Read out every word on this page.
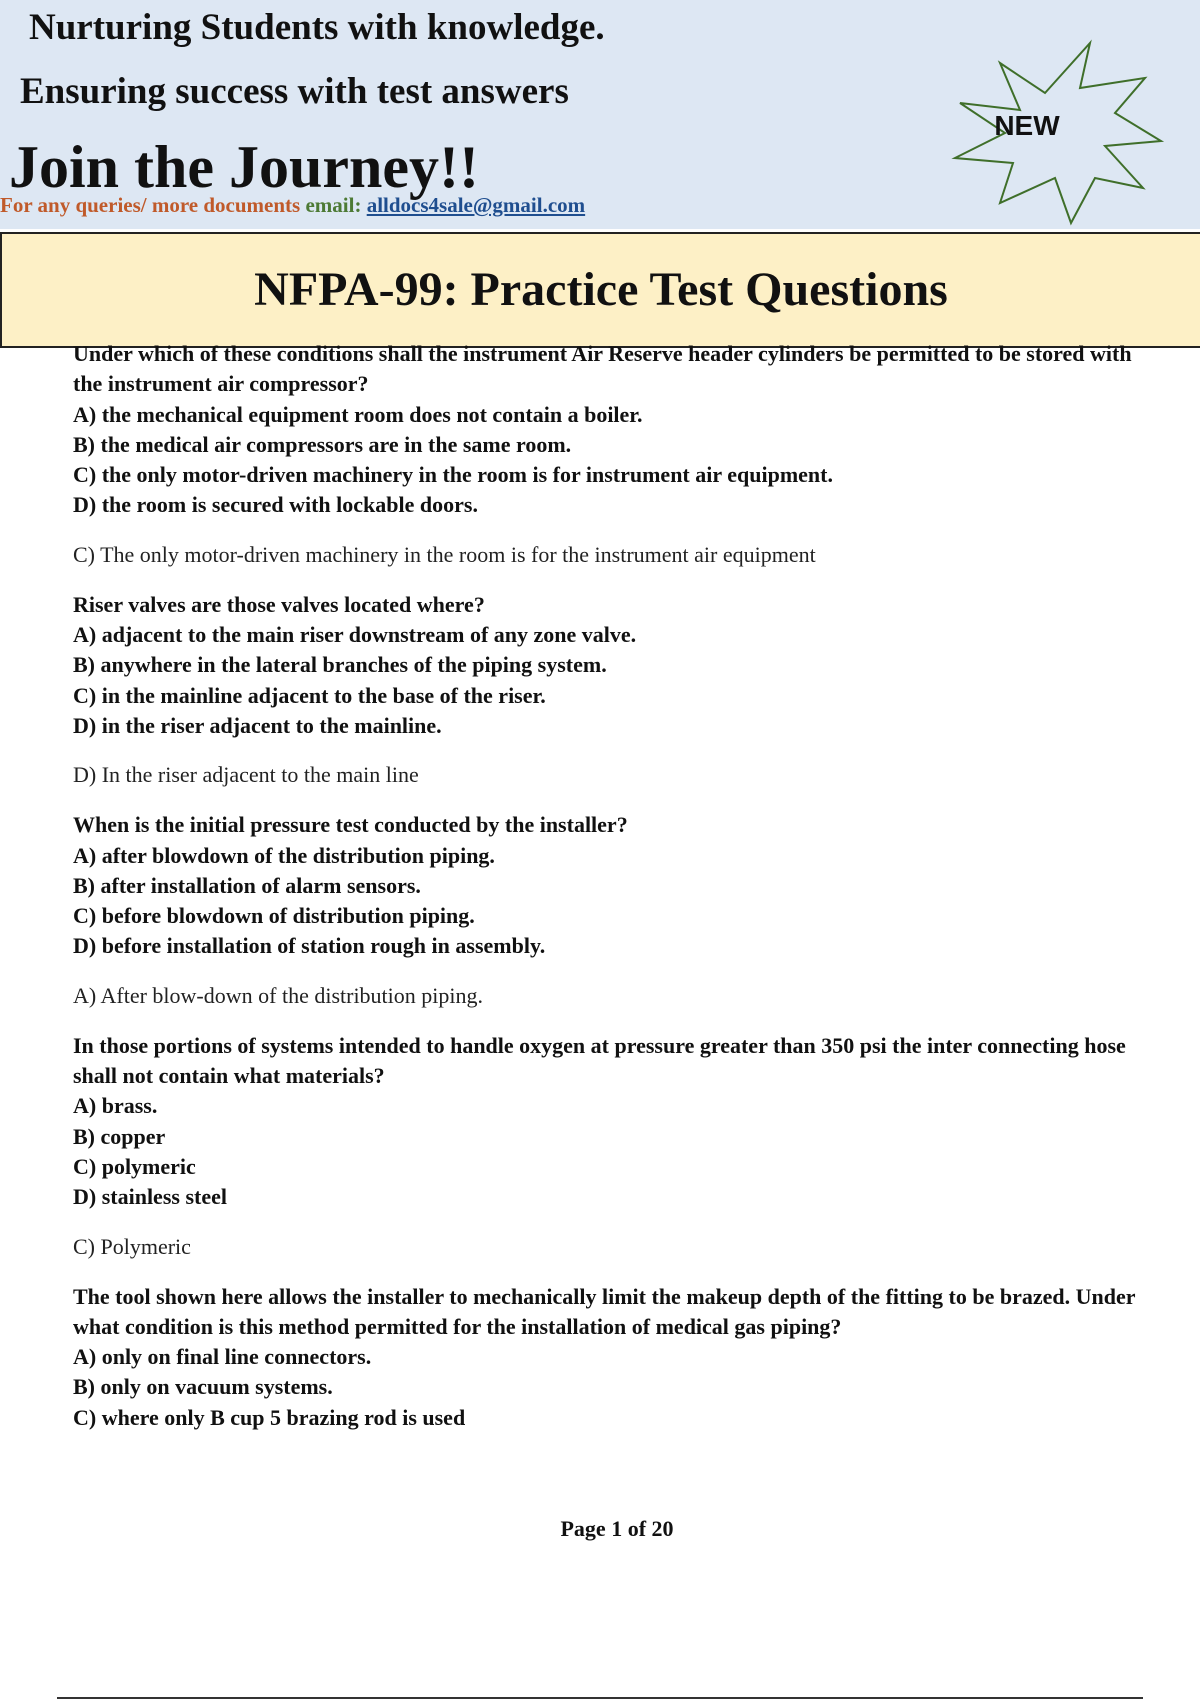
Nurturing Students with knowledge.

Ensuring success with test answers

Join the Journey!!

For any queries/ more documents email: alldocs4sale@gmail.com
NEW
NFPA-99: Practice Test Questions

Under which of these conditions shall the instrument Air Reserve header cylinders be permitted to be stored with the instrument air compressor?
A) the mechanical equipment room does not contain a boiler.
B) the medical air compressors are in the same room.
C) the only motor-driven machinery in the room is for instrument air equipment.
D) the room is secured with lockable doors.

C) The only motor-driven machinery in the room is for the instrument air equipment

Riser valves are those valves located where?
A) adjacent to the main riser downstream of any zone valve.
B) anywhere in the lateral branches of the piping system.
C) in the mainline adjacent to the base of the riser.
D) in the riser adjacent to the mainline.

D) In the riser adjacent to the main line

When is the initial pressure test conducted by the installer?
A) after blowdown of the distribution piping.
B) after installation of alarm sensors.
C) before blowdown of distribution piping.
D) before installation of station rough in assembly.

A) After blow-down of the distribution piping.

In those portions of systems intended to handle oxygen at pressure greater than 350 psi the inter connecting hose shall not contain what materials?
A) brass.
B) copper
C) polymeric
D) stainless steel

C) Polymeric

The tool shown here allows the installer to mechanically limit the makeup depth of the fitting to be brazed. Under what condition is this method permitted for the installation of medical gas piping?
A) only on final line connectors.
B) only on vacuum systems.
C) where only B cup 5 brazing rod is used

Page 1 of 20
